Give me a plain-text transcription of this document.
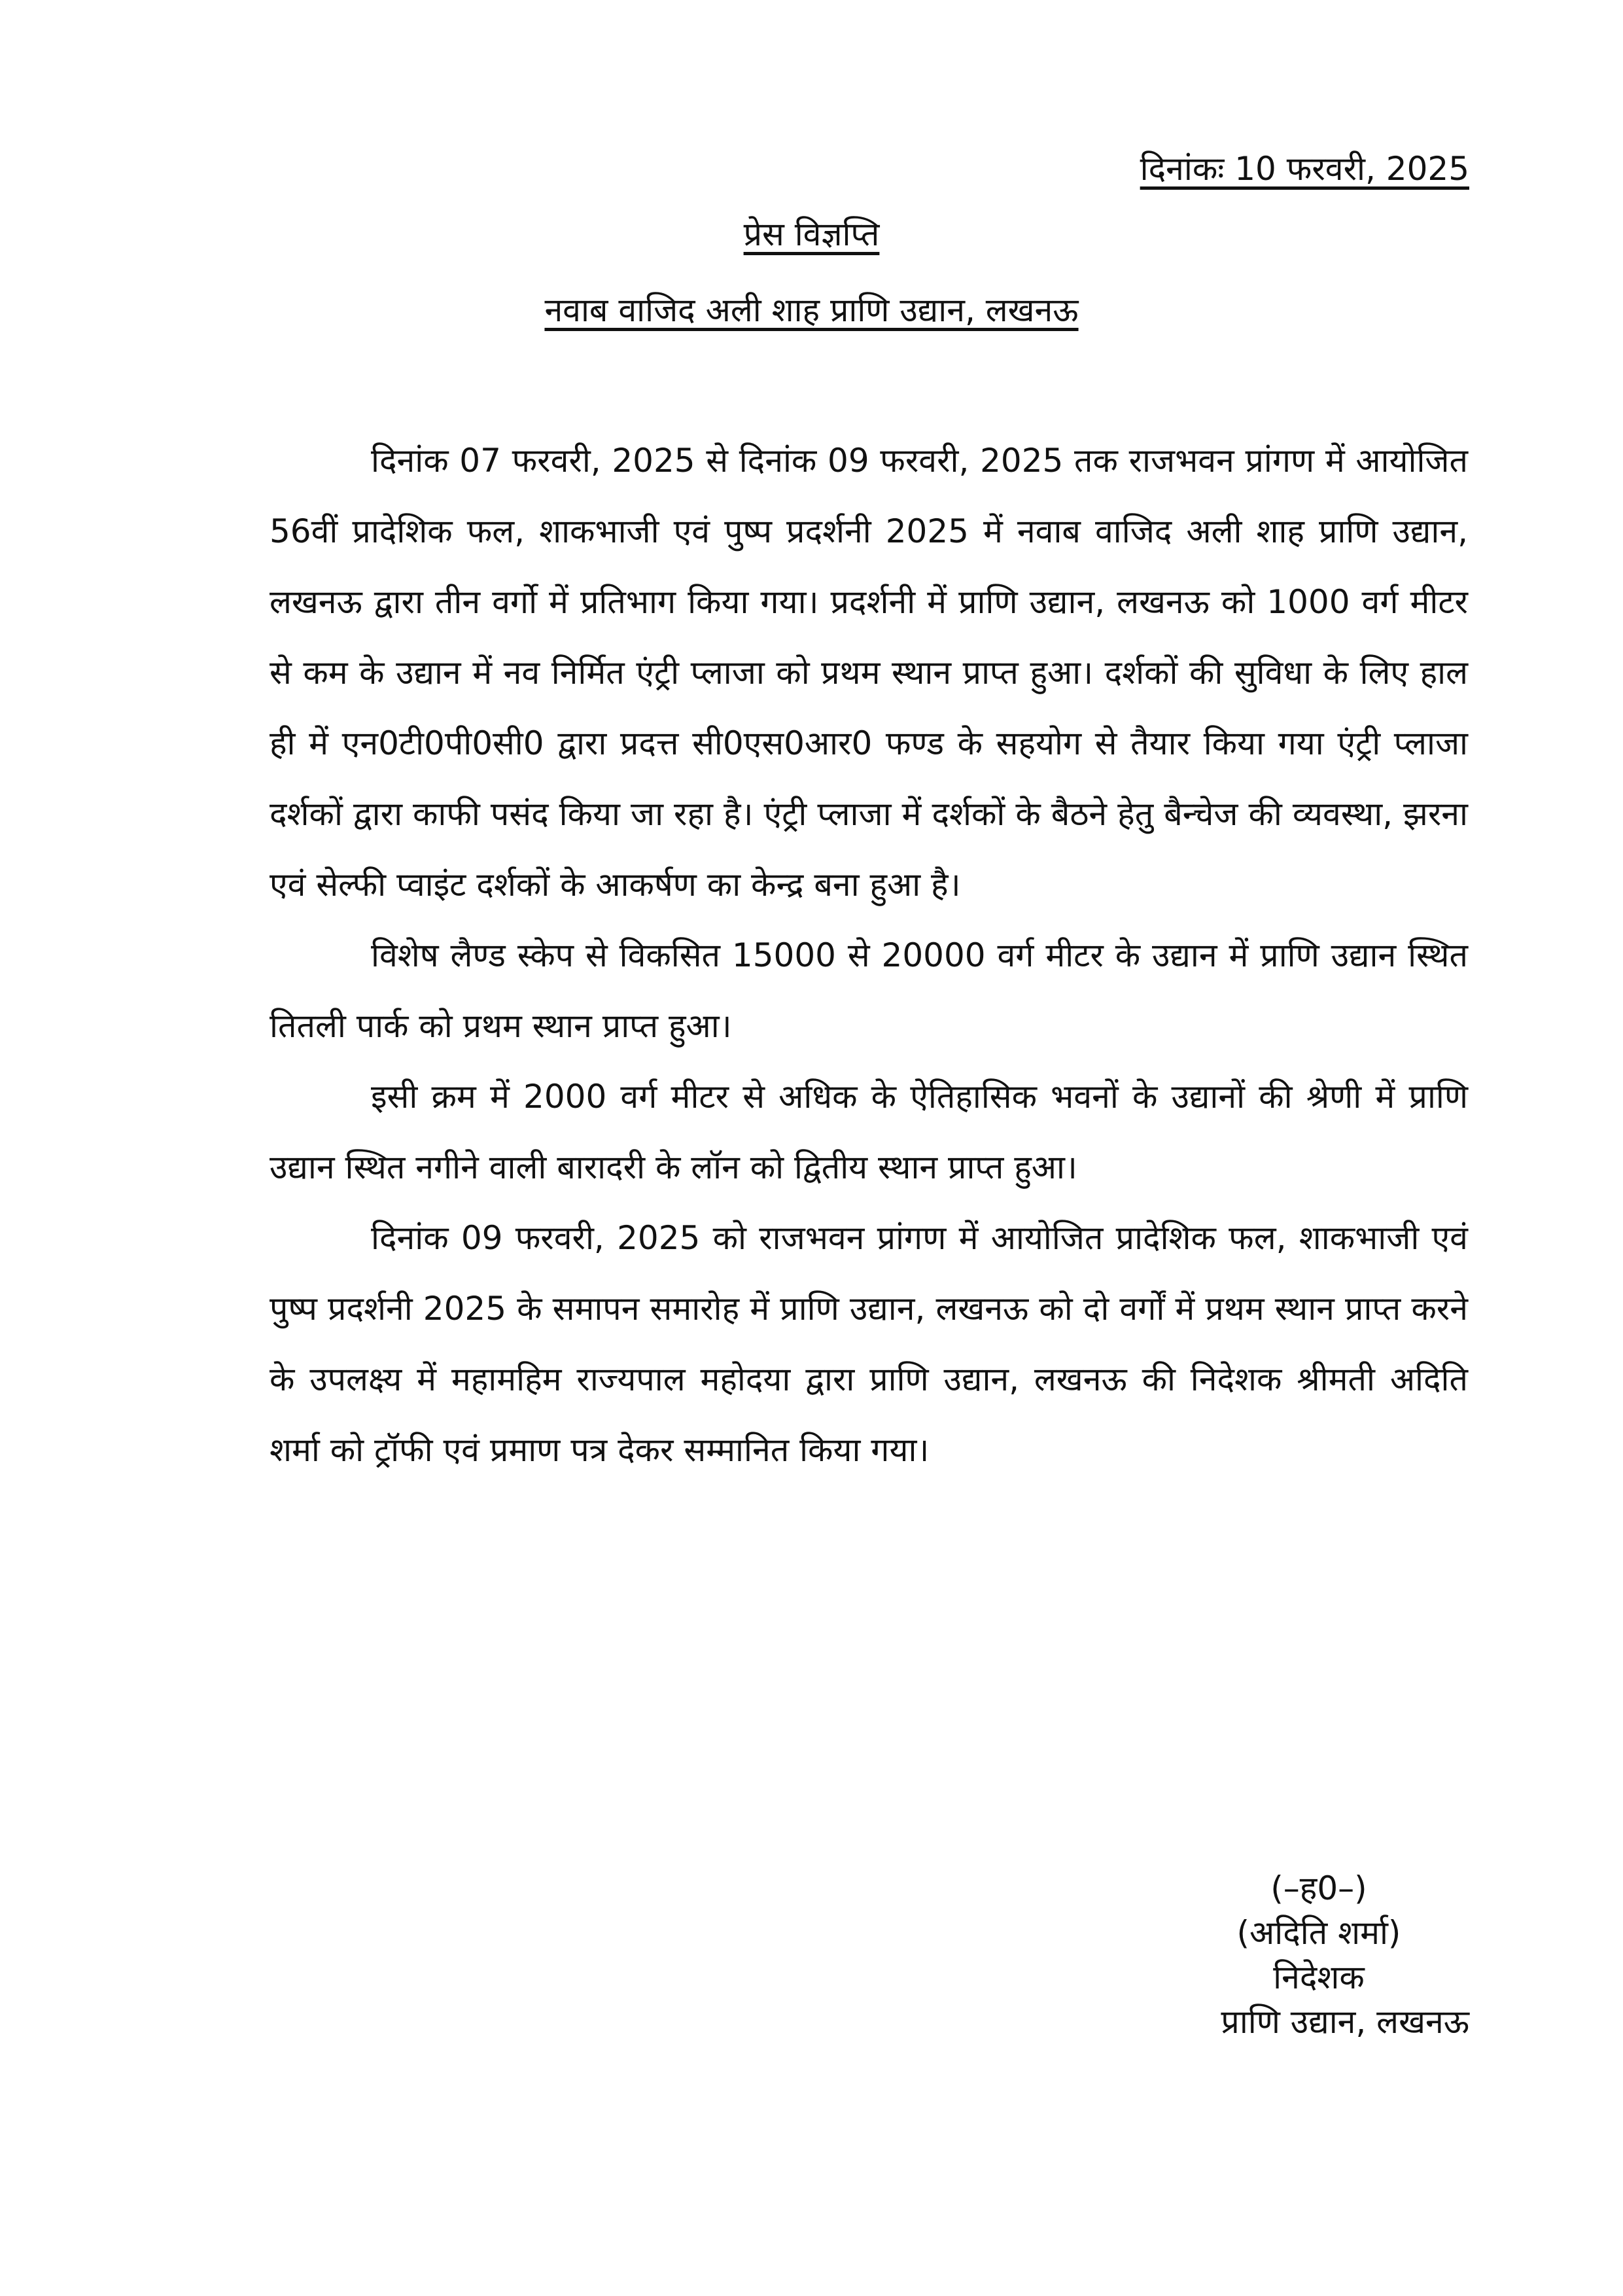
दिनांकः 10 फरवरी, 2025
प्रेस विज्ञप्ति
नवाब वाजिद अली शाह प्राणि उद्यान, लखनऊ

दिनांक 07 फरवरी, 2025 से दिनांक 09 फरवरी, 2025 तक राजभवन प्रांगण में आयोजित 56वीं प्रादेशिक फल, शाकभाजी एवं पुष्प प्रदर्शनी 2025 में नवाब वाजिद अली शाह प्राणि उद्यान, लखनऊ द्वारा तीन वर्गो में प्रतिभाग किया गया। प्रदर्शनी में प्राणि उद्यान, लखनऊ को 1000 वर्ग मीटर से कम के उद्यान में नव निर्मित एंट्री प्लाजा को प्रथम स्थान प्राप्त हुआ। दर्शकों की सुविधा के लिए हाल ही में एन0टी0पी0सी0 द्वारा प्रदत्त सी0एस0आर0 फण्ड के सहयोग से तैयार किया गया एंट्री प्लाजा दर्शकों द्वारा काफी पसंद किया जा रहा है। एंट्री प्लाजा में दर्शकों के बैठने हेतु बैन्चेज की व्यवस्था, झरना एवं सेल्फी प्वाइंट दर्शकों के आकर्षण का केन्द्र बना हुआ है।

विशेष लैण्ड स्केप से विकसित 15000 से 20000 वर्ग मीटर के उद्यान में प्राणि उद्यान स्थित तितली पार्क को प्रथम स्थान प्राप्त हुआ।

इसी क्रम में 2000 वर्ग मीटर से अधिक के ऐतिहासिक भवनों के उद्यानों की श्रेणी में प्राणि उद्यान स्थित नगीने वाली बारादरी के लॉन को द्वितीय स्थान प्राप्त हुआ।

दिनांक 09 फरवरी, 2025 को राजभवन प्रांगण में आयोजित प्रादेशिक फल, शाकभाजी एवं पुष्प प्रदर्शनी 2025 के समापन समारोह में प्राणि उद्यान, लखनऊ को दो वर्गों में प्रथम स्थान प्राप्त करने के उपलक्ष्य में महामहिम राज्यपाल महोदया द्वारा प्राणि उद्यान, लखनऊ की निदेशक श्रीमती अदिति शर्मा को ट्रॉफी एवं प्रमाण पत्र देकर सम्मानित किया गया।

(–ह0–)
(अदिति शर्मा)
निदेशक
प्राणि उद्यान, लखनऊ
